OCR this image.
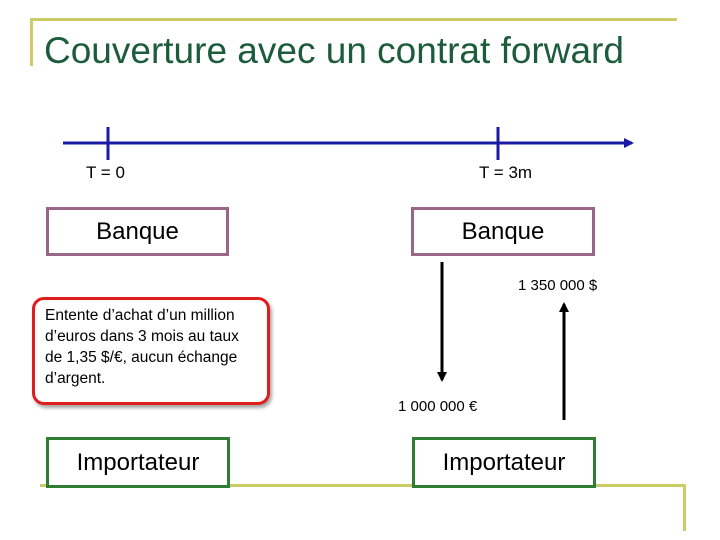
Couverture avec un contrat forward
T = 0	T = 3m
Banque	Banque
Entente d’achat d’un million d’euros dans 3 mois au taux de 1,35 $/€, aucun échange d’argent.
1 350 000 $
1 000 000 €
Importateur	Importateur
